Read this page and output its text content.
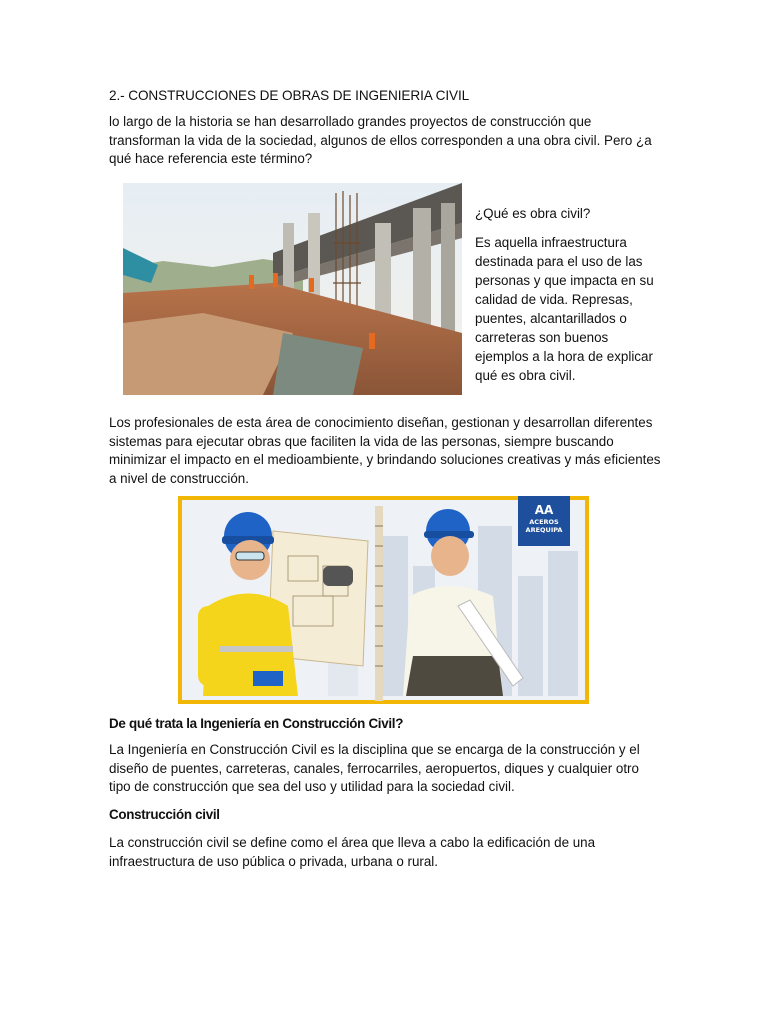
2.- CONSTRUCCIONES DE OBRAS DE INGENIERIA CIVIL
lo largo de la historia se han desarrollado grandes proyectos de construcción que transforman la vida de la sociedad, algunos de ellos corresponden a una obra civil. Pero ¿a qué hace referencia este término?
¿Qué es obra civil?
Es aquella infraestructura destinada para el uso de las personas y que impacta en su calidad de vida. Represas, puentes, alcantarillados o carreteras son buenos ejemplos a la hora de explicar qué es obra civil.
Los profesionales de esta área de conocimiento diseñan, gestionan y desarrollan diferentes sistemas para ejecutar obras que faciliten la vida de las personas, siempre buscando minimizar el impacto en el medioambiente, y brindando soluciones creativas y más eficientes a nivel de construcción.
AA
ACEROS
AREQUIPA
De qué trata la Ingeniería en Construcción Civil?
La Ingeniería en Construcción Civil es la disciplina que se encarga de la construcción y el diseño de puentes, carreteras, canales, ferrocarriles, aeropuertos, diques y cualquier otro tipo de construcción que sea del uso y utilidad para la sociedad civil.
Construcción civil
La construcción civil se define como el área que lleva a cabo la edificación de una infraestructura de uso pública o privada, urbana o rural.
